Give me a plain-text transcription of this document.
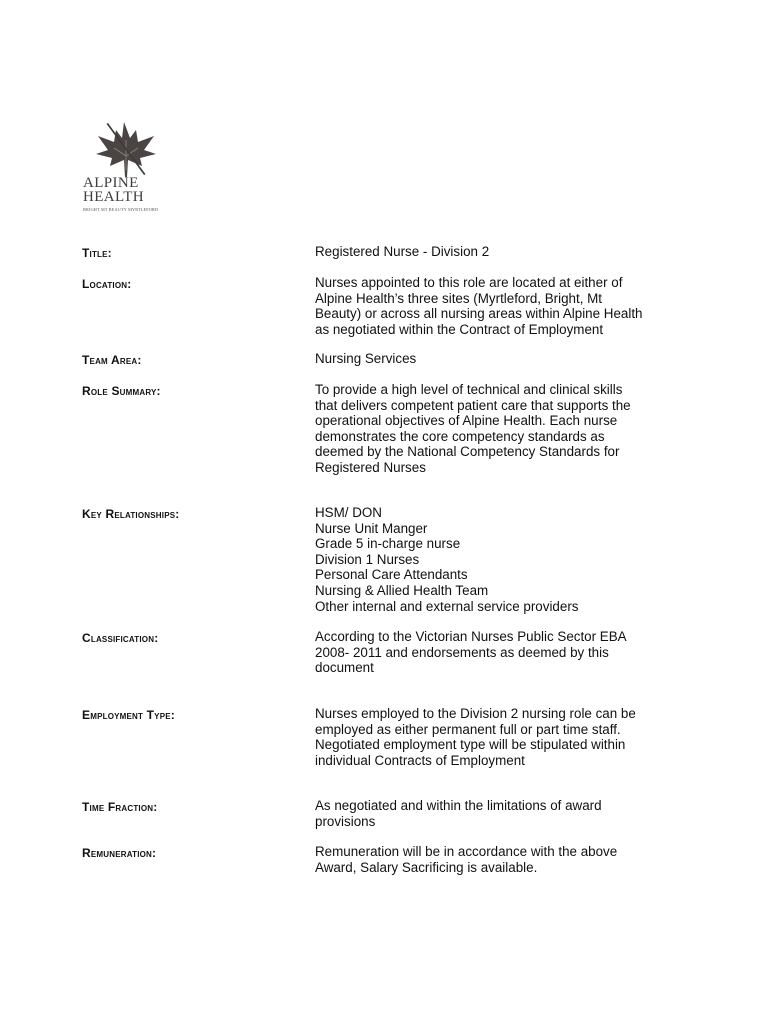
ALPINE
HEALTH
BRIGHT MT BEAUTY MYRTLEFORD
Title:	Registered Nurse - Division 2
Location:	Nurses appointed to this role are located at either of
Alpine Health’s three sites (Myrtleford, Bright, Mt
Beauty) or across all nursing areas within Alpine Health
as negotiated within the Contract of Employment
Team Area:	Nursing Services
Role Summary:	To provide a high level of technical and clinical skills
that delivers competent patient care that supports the
operational objectives of Alpine Health. Each nurse
demonstrates the core competency standards as
deemed by the National Competency Standards for
Registered Nurses
Key Relationships:	HSM/ DON
Nurse Unit Manger
Grade 5 in-charge nurse
Division 1 Nurses
Personal Care Attendants
Nursing & Allied Health Team
Other internal and external service providers
Classification:	According to the Victorian Nurses Public Sector EBA
2008- 2011 and endorsements as deemed by this
document
Employment Type:	Nurses employed to the Division 2 nursing role can be
employed as either permanent full or part time staff.
Negotiated employment type will be stipulated within
individual Contracts of Employment
Time Fraction:	As negotiated and within the limitations of award
provisions
Remuneration:	Remuneration will be in accordance with the above
Award, Salary Sacrificing is available.
